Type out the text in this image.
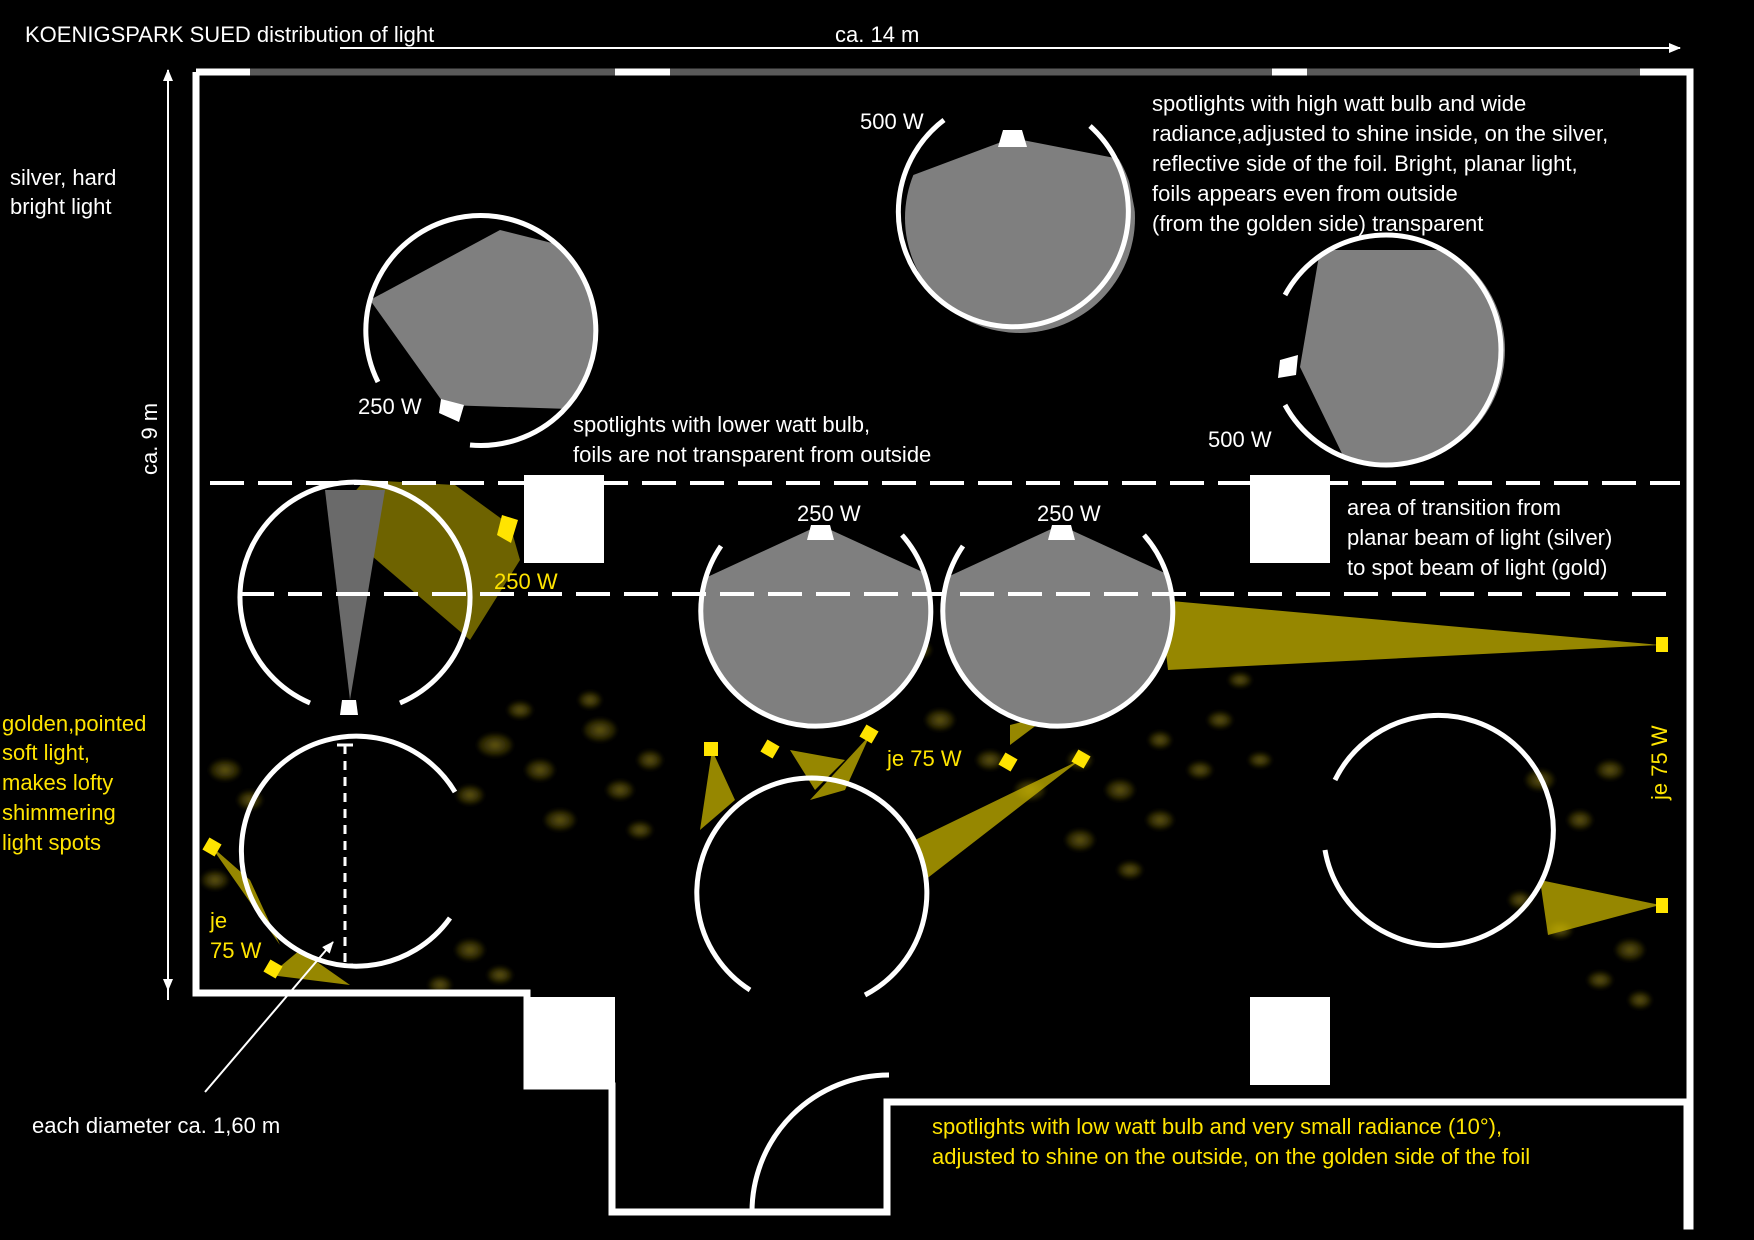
KOENIGSPARK SUED distribution of light	ca. 14 m
ca. 9 m
silver, hard
bright light
golden,pointed
soft light,
makes lofty
shimmering
light spots
each diameter ca. 1,60 m
spotlights with high watt bulb and wide
radiance,adjusted to shine inside, on the silver,
reflective side of the foil. Bright, planar light,
foils appears even from outside
(from the golden side) transparent
spotlights with lower watt bulb,
foils are not transparent from outside
area of transition from
planar beam of light (silver)
to spot beam of light (gold)
spotlights with low watt bulb and very small radiance (10°),
adjusted to shine on the outside, on the golden side of the foil
500 W
500 W
250 W
250 W	250 W
250 W
je 75 W	je 75 W
je
75 W
